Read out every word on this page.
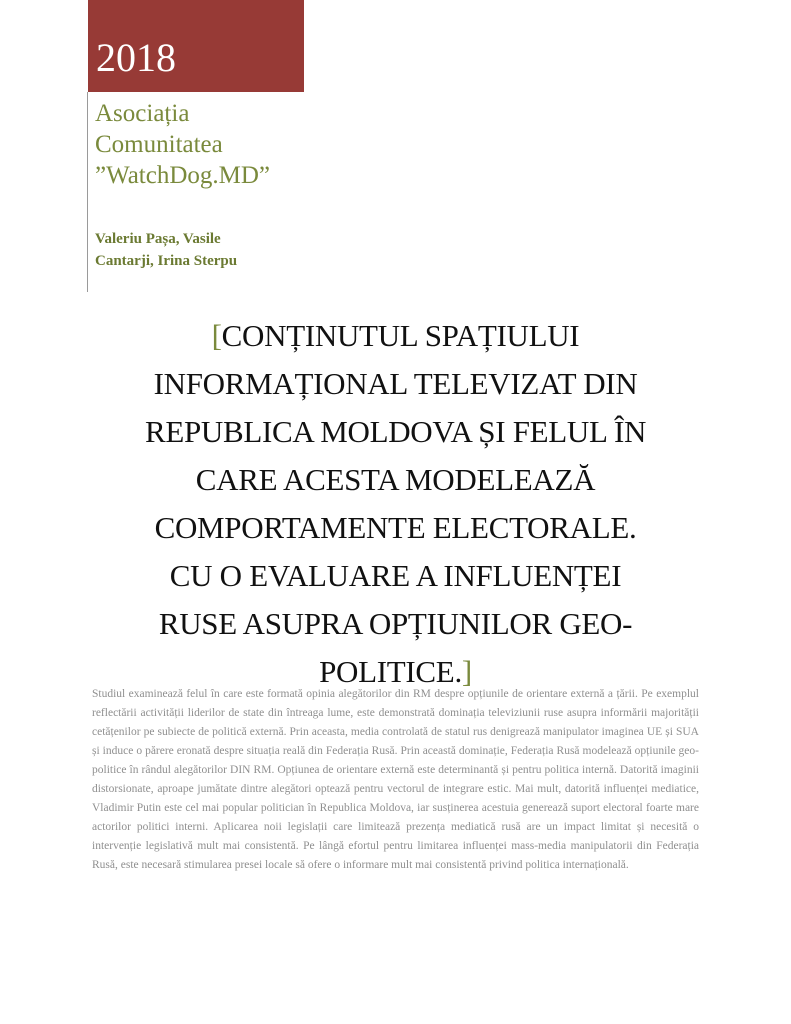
2018
Asociația
Comunitatea
”WatchDog.MD”
Valeriu Pașa, Vasile
Cantarji, Irina Sterpu
[CONȚINUTUL SPAȚIULUI
INFORMAȚIONAL TELEVIZAT DIN
REPUBLICA MOLDOVA ȘI FELUL ÎN
CARE ACESTA MODELEAZĂ
COMPORTAMENTE ELECTORALE.
CU O EVALUARE A INFLUENȚEI
RUSE ASUPRA OPȚIUNILOR GEO-
POLITICE.]
Studiul examinează felul în care este formată opinia alegătorilor din RM despre opțiunile de orientare externă a țării. Pe exemplul reflectării activității liderilor de state din întreaga lume, este demonstrată dominația televiziunii ruse asupra informării majorității cetățenilor pe subiecte de politică externă. Prin aceasta, media controlată de statul rus denigrează manipulator imaginea UE și SUA și induce o părere eronată despre situația reală din Federația Rusă. Prin această dominație, Federația Rusă modelează opțiunile geo-politice în rândul alegătorilor DIN RM. Opțiunea de orientare externă este determinantă și pentru politica internă. Datorită imaginii distorsionate, aproape jumătate dintre alegători optează pentru vectorul de integrare estic. Mai mult, datorită influenței mediatice, Vladimir Putin este cel mai popular politician în Republica Moldova, iar susținerea acestuia generează suport electoral foarte mare actorilor politici interni. Aplicarea noii legislații care limitează prezența mediatică rusă are un impact limitat și necesită o intervenție legislativă mult mai consistentă. Pe lângă efortul pentru limitarea influenței mass-media manipulatorii din Federația Rusă, este necesară stimularea presei locale să ofere o informare mult mai consistentă privind politica internațională.
